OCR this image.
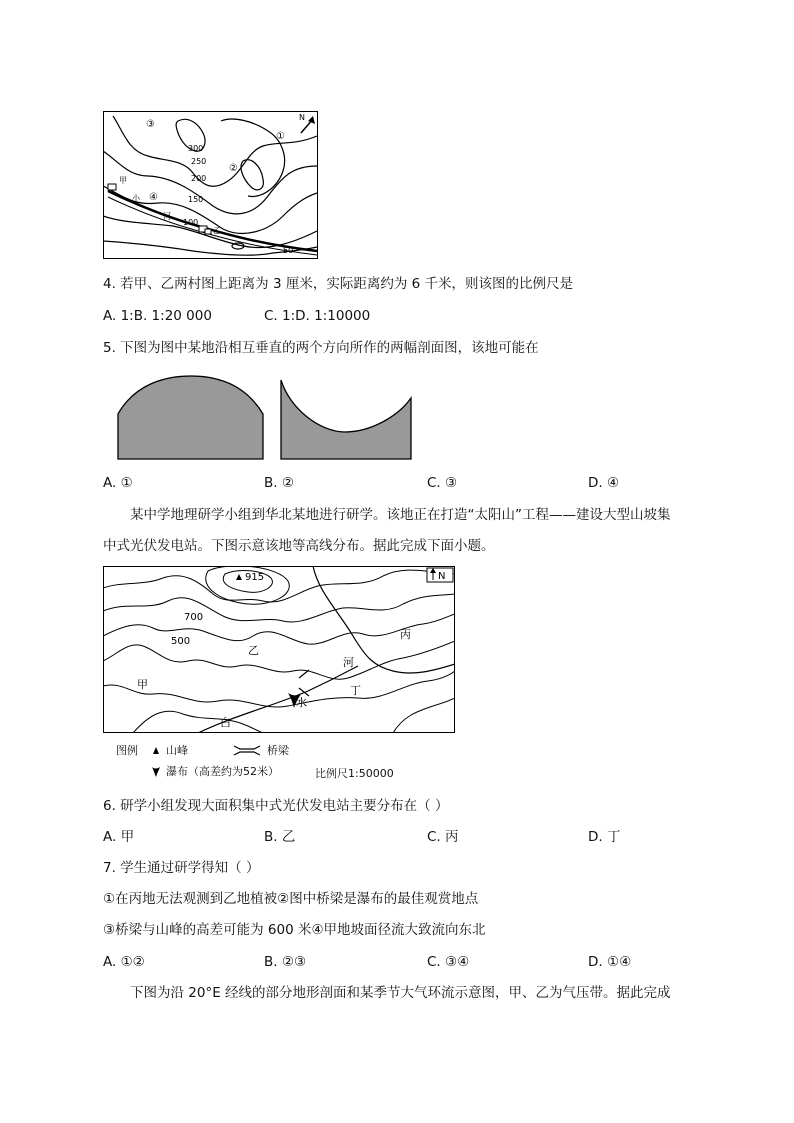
N
③
①
②
④
300
250
200
150
100
50
甲
乙
小
河
4. 若甲、乙两村图上距离为 3 厘米，实际距离约为 6 千米，则该图的比例尺是
A. 1:B. 1:20 000	C. 1:D. 1:10000
5. 下图为图中某地沿相互垂直的两个方向所作的两幅剖面图，该地可能在
A. ①	B. ②	C. ③	D. ④
某中学地理研学小组到华北某地进行研学。该地正在打造“太阳山”工程——建设大型山坡集
中式光伏发电站。下图示意该地等高线分布。据此完成下面小题。
N
915
700
500
甲
乙
丙
丁
河
白
水
图例	山峰	桥梁
瀑布（高差约为52米）	比例尺1:50000
6. 研学小组发现大面积集中式光伏发电站主要分布在（ ）
A. 甲	B. 乙	C. 丙	D. 丁
7. 学生通过研学得知（ ）
①在丙地无法观测到乙地植被②图中桥梁是瀑布的最佳观赏地点
③桥梁与山峰的高差可能为 600 米④甲地坡面径流大致流向东北
A. ①②	B. ②③	C. ③④	D. ①④
下图为沿 20°E 经线的部分地形剖面和某季节大气环流示意图，甲、乙为气压带。据此完成
